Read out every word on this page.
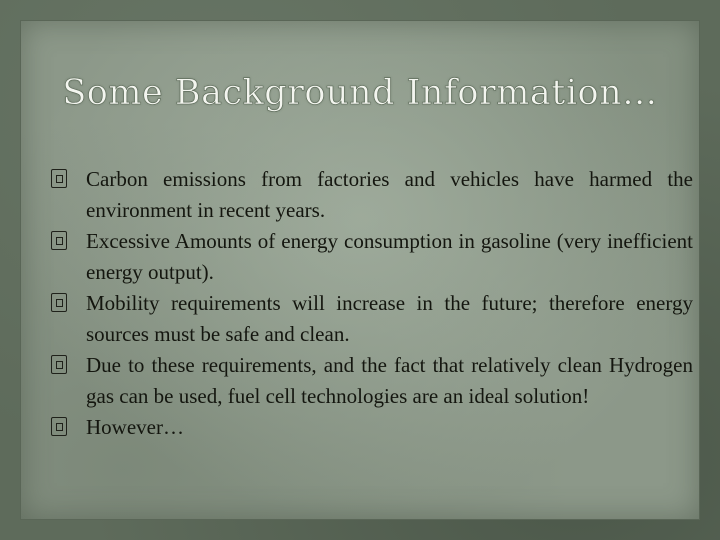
Some Background Information…
Carbon emissions from factories and vehicles have harmed the environment in recent years.
Excessive Amounts of energy consumption in gasoline (very inefficient energy output).
Mobility requirements will increase in the future; therefore energy sources must be safe and clean.
Due to these requirements, and the fact that relatively clean Hydrogen gas can be used, fuel cell technologies are an ideal solution!
However…
